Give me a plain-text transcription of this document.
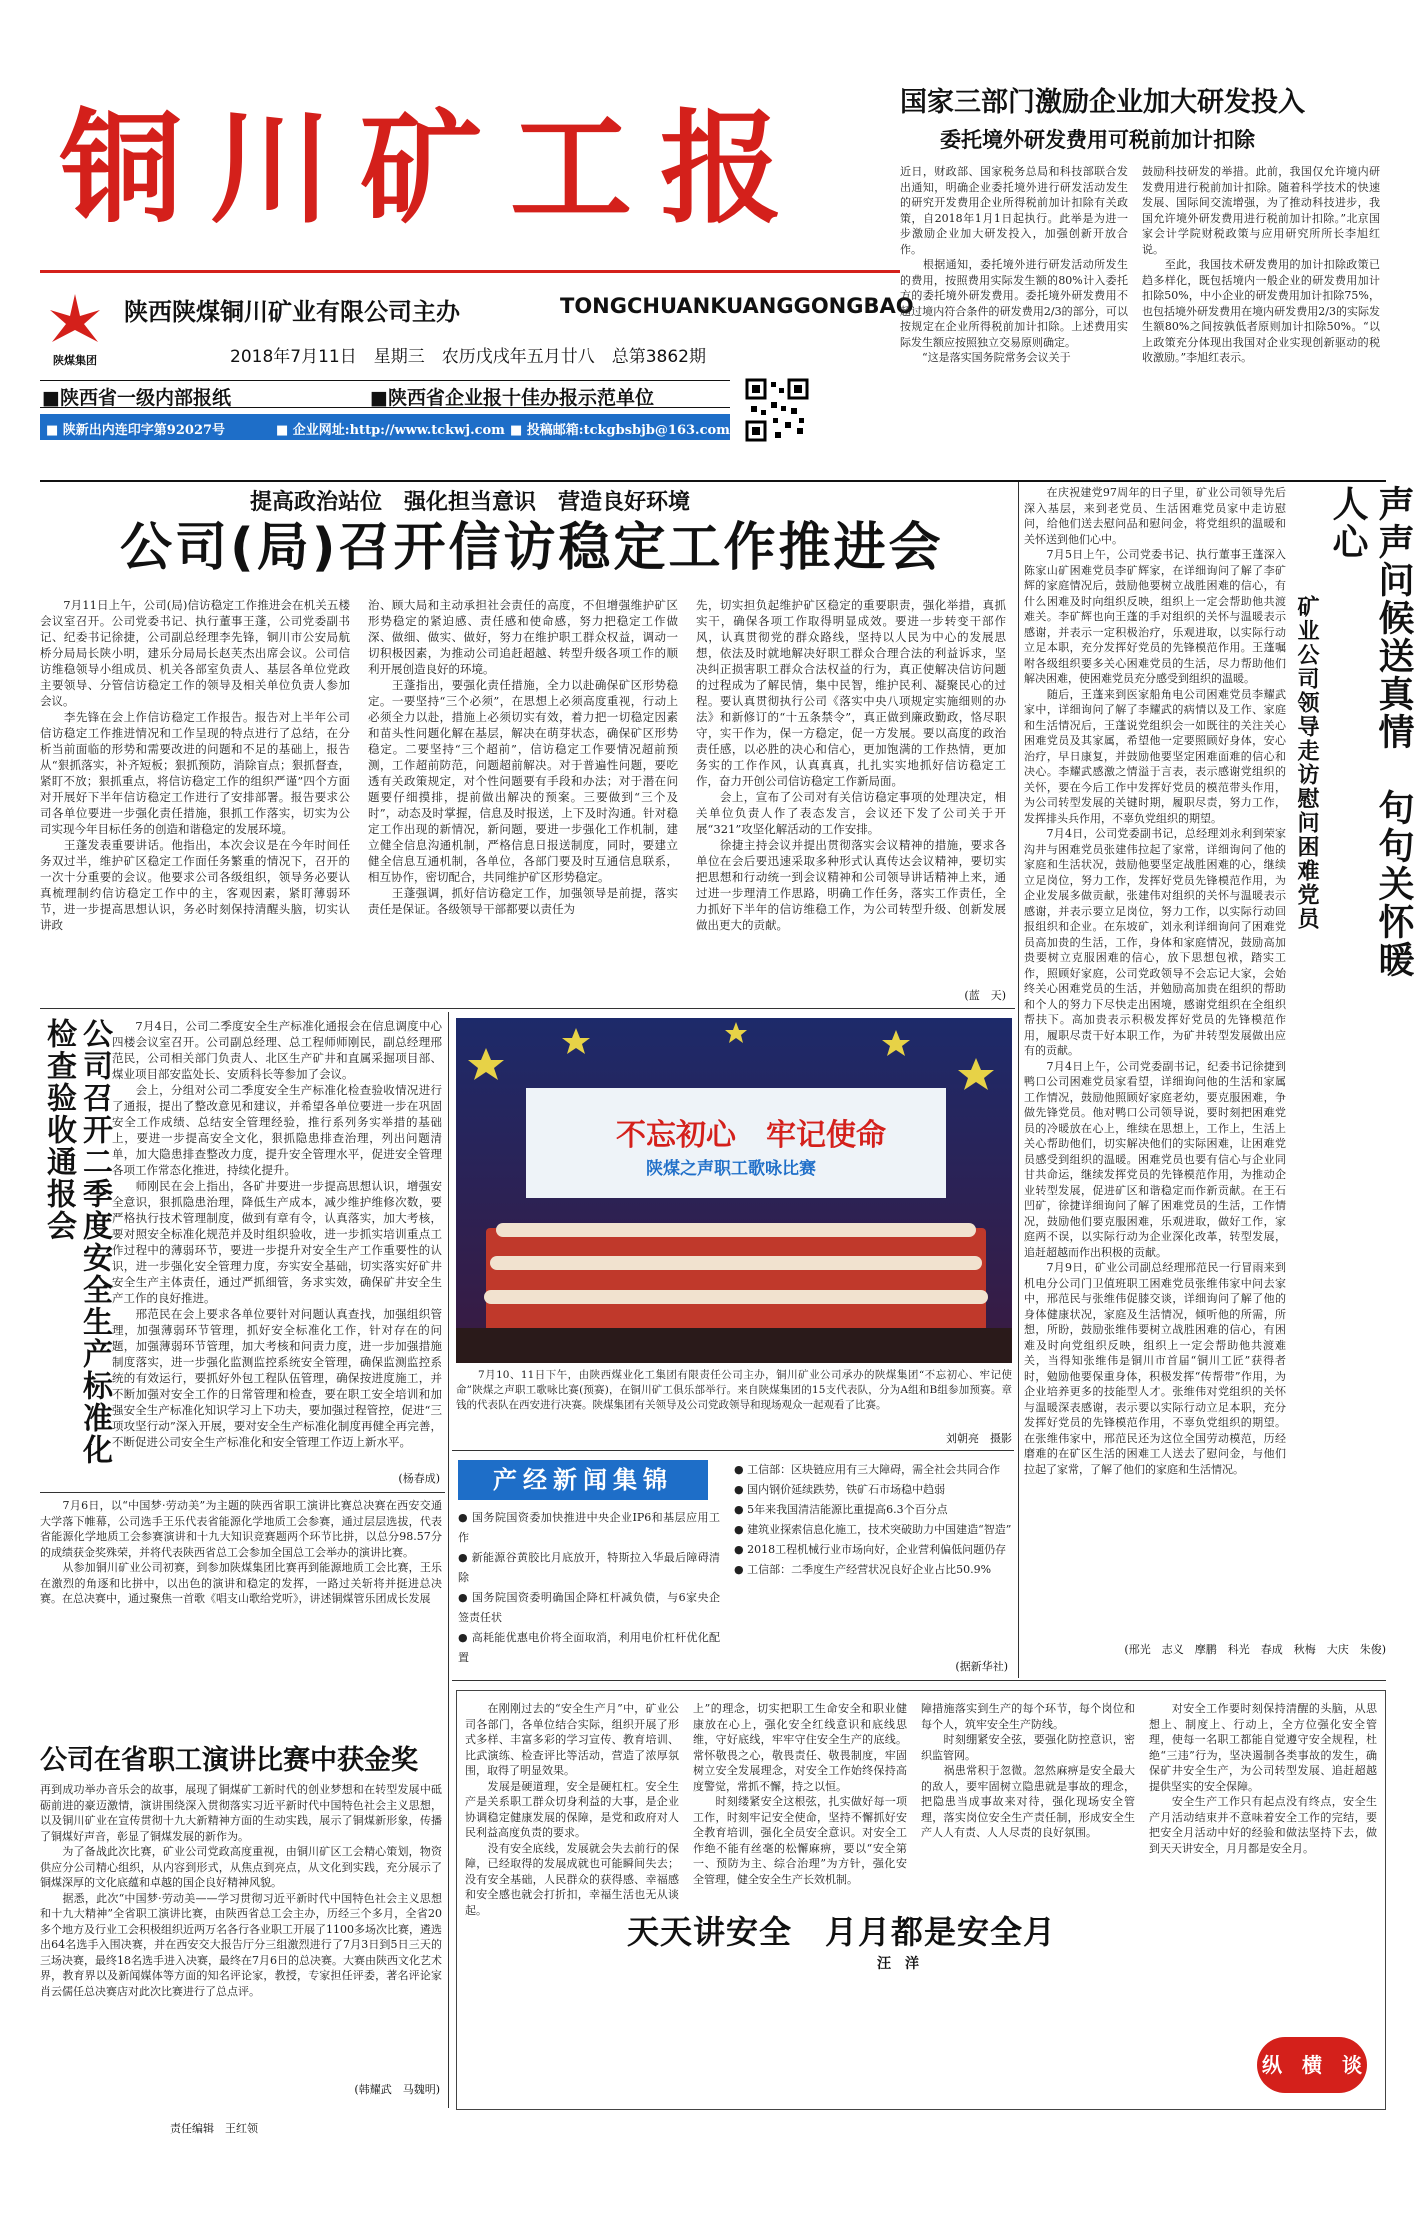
铜川矿工报
陕煤集团
陕西陕煤铜川矿业有限公司主办	TONGCHUANKUANGGONGBAO
2018年7月11日　星期三　农历戊戌年五月廿八　总第3862期
■陕西省一级内部报纸	■陕西省企业报十佳办报示范单位
■ 陕新出内连印字第92027号	■ 企业网址:http://www.tckwj.com ■ 投稿邮箱:tckgbsbjb@163.com
国家三部门激励企业加大研发投入
委托境外研发费用可税前加计扣除
近日，财政部、国家税务总局和科技部联合发出通知，明确企业委托境外进行研发活动发生的研究开发费用企业所得税前加计扣除有关政策，自2018年1月1日起执行。此举是为进一步激励企业加大研发投入，加强创新开放合作。
　　根据通知，委托境外进行研发活动所发生的费用，按照费用实际发生额的80%计入委托方的委托境外研发费用。委托境外研发费用不超过境内符合条件的研发费用2/3的部分，可以按规定在企业所得税前加计扣除。上述费用实际发生额应按照独立交易原则确定。
　　“这是落实国务院常务会议关于
鼓励科技研发的举措。此前，我国仅允许境内研发费用进行税前加计扣除。随着科学技术的快速发展、国际间交流增强，为了推动科技进步，我国允许境外研发费用进行税前加计扣除。”北京国家会计学院财税政策与应用研究所所长李旭红说。
　　至此，我国技术研发费用的加计扣除政策已趋多样化，既包括境内一般企业的研发费用加计扣除50%，中小企业的研发费用加计扣除75%，也包括境外研发费用在境内研发费用2/3的实际发生额80%之间按孰低者原则加计扣除50%。“以上政策充分体现出我国对企业实现创新驱动的税收激励。”李旭红表示。
提高政治站位　强化担当意识　营造良好环境
公司(局)召开信访稳定工作推进会
　　7月11日上午，公司(局)信访稳定工作推进会在机关五楼会议室召开。公司党委书记、执行董事王蓬，公司党委副书记、纪委书记徐捷，公司副总经理李先锋，铜川市公安局航桥分局局长陕小明，建乐分局局长赵芙杰出席会议。公司信访维稳领导小组成员、机关各部室负责人、基层各单位党政主要领导、分管信访稳定工作的领导及相关单位负责人参加会议。
　　李先锋在会上作信访稳定工作报告。报告对上半年公司信访稳定工作推进情况和工作呈现的特点进行了总结，在分析当前面临的形势和需要改进的问题和不足的基础上，报告从“狠抓落实，补齐短板；狠抓预防，消除盲点；狠抓督查，紧盯不放；狠抓重点，将信访稳定工作的组织严谨”四个方面对开展好下半年信访稳定工作进行了安排部署。报告要求公司各单位要进一步强化责任措施，狠抓工作落实，切实为公司实现今年目标任务的创造和谐稳定的发展环境。
　　王蓬发表重要讲话。他指出，本次会议是在今年时间任务双过半，维护矿区稳定工作面任务繁重的情况下，召开的一次十分重要的会议。他要求公司各级组织，领导务必要认真梳理制约信访稳定工作中的主，客观因素，紧盯薄弱环节，进一步提高思想认识，务必时刻保持清醒头脑，切实认讲政
治、顾大局和主动承担社会责任的高度，不但增强维护矿区形势稳定的紧迫感、责任感和使命感，努力把稳定工作做深、做细、做实、做好，努力在维护职工群众权益，调动一切积极因素，为推动公司追赶超越、转型升级各项工作的顺利开展创造良好的环境。
　　王蓬指出，要强化责任措施，全力以赴确保矿区形势稳定。一要坚持“三个必须”，在思想上必须高度重视，行动上必须全力以赴，措施上必须切实有效，着力把一切稳定因素和苗头性问题化解在基层，解决在萌芽状态，确保矿区形势稳定。二要坚持“三个超前”，信访稳定工作要情况超前预测，工作超前防范，问题超前解决。对于普遍性问题，要吃透有关政策规定，对个性问题要有手段和办法；对于潜在问题要仔细摸排，提前做出解决的预案。三要做到“三个及时”，动态及时掌握，信息及时报送，上下及时沟通。针对稳定工作出现的新情况，新问题，要进一步强化工作机制，建立健全信息沟通机制，严格信息日报送制度，同时，要建立健全信息互通机制，各单位，各部门要及时互通信息联系，相互协作，密切配合，共同维护矿区形势稳定。
　　王蓬强调，抓好信访稳定工作，加强领导是前提，落实责任是保证。各级领导干部都要以责任为
先，切实担负起维护矿区稳定的重要职责，强化举措，真抓实干，确保各项工作取得明显成效。要进一步转变干部作风，认真贯彻党的群众路线，坚持以人民为中心的发展思想，依法及时就地解决好职工群众合理合法的利益诉求，坚决纠正损害职工群众合法权益的行为，真正使解决信访问题的过程成为了解民情，集中民智，维护民利、凝聚民心的过程。要认真贯彻执行公司《落实中央八项规定实施细则的办法》和新修订的“十五条禁令”，真正做到廉政勤政，恪尽职守，实干作为，保一方稳定，促一方发展。要以高度的政治责任感，以必胜的决心和信心，更加饱满的工作热情，更加务实的工作作风，认真真真，扎扎实实地抓好信访稳定工作，奋力开创公司信访稳定工作新局面。
　　会上，宣布了公司对有关信访稳定事项的处理决定，相关单位负责人作了表态发言，会议还下发了公司关于开展“321”攻坚化解活动的工作安排。
　　徐捷主持会议并提出贯彻落实会议精神的措施，要求各单位在会后要迅速采取多种形式认真传达会议精神，要切实把思想和行动统一到会议精神和公司领导讲话精神上来，通过进一步理清工作思路，明确工作任务，落实工作责任，全力抓好下半年的信访维稳工作，为公司转型升级、创新发展做出更大的贡献。
(蓝　天)
公司召开二季度安全生产标准化检查验收通报会	　　7月4日，公司二季度安全生产标准化通报会在信息调度中心四楼会议室召开。公司副总经理、总工程师师刚民，副总经理邢范民，公司相关部门负责人、北区生产矿井和直属采掘项目部、煤业项目部安监处长、安质科长等参加了会议。
　　会上，分组对公司二季度安全生产标准化检查验收情况进行了通报，提出了整改意见和建议，并希望各单位要进一步在巩固安全工作成绩、总结安全管理经验，推行系列务实举措的基础上，要进一步提高安全文化，狠抓隐患排查治理，列出问题清单，加大隐患排查整改力度，提升安全管理水平，促进安全管理各项工作常态化推进，持续化提升。
　　师刚民在会上指出，各矿井要进一步提高思想认识，增强安全意识，狠抓隐患治理，降低生产成本，减少维护维修次数，要严格执行技术管理制度，做到有章有令，认真落实，加大考核，要对照安全标准化规范并及时组织验收，进一步抓实培训重点工作过程中的薄弱环节，要进一步提升对安全生产工作重要性的认识，进一步强化安全管理力度，夯实安全基础，切实落实好矿井安全生产主体责任，通过严抓细管，务求实效，确保矿井安全生产工作的良好推进。
　　邢范民在会上要求各单位要针对问题认真查找，加强组织管理，加强薄弱环节管理，抓好安全标准化工作，针对存在的问题，加强薄弱环节管理，加大考核和问责力度，进一步加强措施制度落实，进一步强化监测监控系统安全管理，确保监测监控系统的有效运行，要抓好外包工程队伍管理，确保按进度施工，并不断加强对安全工作的日常管理和检查，要在职工安全培训和加强安全生产标准化知识学习上下功夫，要加强过程管控，促进“三项攻坚行动”深入开展，要对安全生产标准化制度再健全再完善，不断促进公司安全生产标准化和安全管理工作迈上新水平。
(杨春成)
　　7月6日，以“中国梦·劳动美”为主题的陕西省职工演讲比赛总决赛在西安交通大学落下帷幕，公司选手王乐代表省能源化学地质工会参赛，通过层层选拔，代表省能源化学地质工会参赛演讲和十九大知识竞赛题两个环节比拼，以总分98.57分的成绩获金奖殊荣，并将代表陕西省总工会参加全国总工会举办的演讲比赛。
　　从参加铜川矿业公司初赛，到参加陕煤集团比赛再到能源地质工会比赛，王乐在激烈的角逐和比拼中，以出色的演讲和稳定的发挥，一路过关斩将并挺进总决赛。在总决赛中，通过聚焦一首歌《唱支山歌给党听》，讲述铜煤管乐团成长发展
公司在省职工演讲比赛中获金奖
再到成功举办音乐会的故事，展现了铜煤矿工新时代的创业梦想和在转型发展中砥砺前进的豪迈激情，演讲围绕深入贯彻落实习近平新时代中国特色社会主义思想，以及铜川矿业在宣传贯彻十九大新精神方面的生动实践，展示了铜煤新形象，传播了铜煤好声音，彰显了铜煤发展的新作为。
　　为了备战此次比赛，矿业公司党政高度重视，由铜川矿区工会精心策划，物资供应分公司精心组织，从内容到形式，从焦点到亮点，从文化到实践，充分展示了铜煤深厚的文化底蕴和卓越的国企良好精神风貌。
　　据悉，此次“中国梦·劳动美——学习贯彻习近平新时代中国特色社会主义思想和十九大精神”全省职工演讲比赛，由陕西省总工会主办，历经三个多月，全省20多个地方及行业工会积极组织近两万名各行各业职工开展了1100多场次比赛，遴选出64名选手入围决赛，并在西安交大报告厅分三组激烈进行了7月3日到5日三天的三场决赛，最终18名选手进入决赛，最终在7月6日的总决赛。大赛由陕西文化艺术界，教育界以及新闻媒体等方面的知名评论家，教授，专家担任评委，著名评论家肖云儒任总决赛店对此次比赛进行了总点评。
(韩耀武　马魏明)
不忘初心　牢记使命
陕煤之声职工歌咏比赛
　　7月10、11日下午，由陕西煤业化工集团有限责任公司主办，铜川矿业公司承办的陕煤集团“不忘初心、牢记使命”陕煤之声职工歌咏比赛(预赛)，在铜川矿工俱乐部举行。来自陕煤集团的15支代表队，分为A组和B组参加预赛。章钱的代表队在西安进行决赛。陕煤集团有关领导及公司党政领导和现场观众一起观看了比赛。
刘朝亮　摄影
产经新闻集锦
● 国务院国资委加快推进中央企业IP6和基层应用工作
● 新能源谷黄胶比月底放开，特斯拉入华最后障碍清除
● 国务院国资委明确国企降杠杆减负债，与6家央企签责任状
● 高耗能优惠电价将全面取消，利用电价杠杆优化配置
● 工信部：区块链应用有三大障碍，需全社会共同合作
● 国内钢价延续跌势，铁矿石市场稳中趋弱
● 5年来我国清洁能源比重提高6.3个百分点
● 建筑业探索信息化施工，技术突破助力中国建造“智造”
● 2018工程机械行业市场向好，企业营利偏低问题仍存
● 工信部：二季度生产经营状况良好企业占比50.9%
(据新华社)
　　在庆祝建党97周年的日子里，矿业公司领导先后深入基层，来到老党员、生活困难党员家中走访慰问，给他们送去慰问品和慰问金，将党组织的温暖和关怀送到他们心中。
　　7月5日上午，公司党委书记、执行董事王蓬深入陈家山矿困难党员李矿辉家，在详细询问了解了李矿辉的家庭情况后，鼓励他要树立战胜困难的信心，有什么困难及时向组织反映，组织上一定会帮助他共渡难关。李矿辉也向王蓬的手对组织的关怀与温暖表示感谢，并表示一定积极治疗，乐观进取，以实际行动立足本职，充分发挥好党员的先锋模范作用。王蓬嘱咐各级组织要多关心困难党员的生活，尽力帮助他们解决困难，使困难党员充分感受到组织的温暖。
　　随后，王蓬来到医家船角电公司困难党员李耀武家中，详细询问了解了李耀武的病情以及工作、家庭和生活情况后，王蓬说党组织会一如既往的关注关心困难党员及其家属，希望他一定要照顾好身体，安心治疗，早日康复，并鼓励他要坚定困难面难的信心和决心。李耀武感激之情溢于言表，表示感谢党组织的关怀，要在今后工作中发挥好党员的模范带头作用，为公司转型发展的关键时期，履职尽责，努力工作，发挥排头兵作用，不辜负党组织的期望。
　　7月4日，公司党委副书记，总经理刘永利到荣家沟井与困难党员张建伟拉起了家常，详细询问了他的家庭和生活状况，鼓励他要坚定战胜困难的心，继续立足岗位，努力工作，发挥好党员先锋模范作用，为企业发展多做贡献，张建伟对组织的关怀与温暖表示感谢，并表示要立足岗位，努力工作，以实际行动回报组织和企业。在东坡矿，刘永利详细询问了困难党员高加贵的生活，工作，身体和家庭情况，鼓励高加贵要树立克服困难的信心，放下思想包袱，踏实工作，照顾好家庭，公司党政领导不会忘记大家，会始终关心困难党员的生活，并勉励高加贵在组织的帮助和个人的努力下尽快走出困境，感谢党组织在全组织帮扶下。高加贵表示积极发挥好党员的先锋模范作用，履职尽责干好本职工作，为矿井转型发展做出应有的贡献。
　　7月4日上午，公司党委副书记，纪委书记徐捷到鸭口公司困难党员家看望，详细询问他的生活和家属工作情况，鼓励他照顾好家庭老幼，要克服困难，争做先锋党员。他对鸭口公司领导说，要时刻把困难党员的冷暖放在心上，维续在思想上，工作上，生活上关心帮助他们，切实解决他们的实际困难，让困难党员感受到组织的温暖。困难党员也要有信心与企业同甘共命运，继续发挥党员的先锋模范作用，为推动企业转型发展，促进矿区和谐稳定而作新贡献。在王石凹矿，徐捷详细询问了解了困难党员的生活，工作情况，鼓励他们要克服困难，乐观进取，做好工作，家庭两不误，以实际行动为企业深化改革，转型发展，追赶超越而作出积极的贡献。
　　7月9日，矿业公司副总经理邢范民一行冒雨来到机电分公司门卫值班职工困难党员张维伟家中问去家中，邢范民与张维伟促膝交谈，详细询问了解了他的身体健康状况，家庭及生活情况，倾听他的所需，所想，所盼，鼓励张维伟要树立战胜困难的信心，有困难及时向党组织反映，组织上一定会帮助他共渡难关，当得知张维伟是铜川市首届“铜川工匠”获得者时，勉励他要保重身体，积极发挥“传帮带”作用，为企业培养更多的技能型人才。张维伟对党组织的关怀与温暖深表感谢，表示要以实际行动立足本职，充分发挥好党员的先锋模范作用，不辜负党组织的期望。在张维伟家中，邢范民还为这位全国劳动模范，历经磨难的在矿区生活的困难工人送去了慰问金，与他们拉起了家常，了解了他们的家庭和生活情况。
声声问候送真情　句句关怀暖人心
矿业公司领导走访慰问困难党员
(邢光　志义　摩鹏　科光　春成　秋梅　大庆　朱俊)
　　在刚刚过去的“安全生产月”中，矿业公司各部门，各单位结合实际，组织开展了形式多样、丰富多彩的学习宣传、教育培训、比武演练、检查评比等活动，营造了浓厚氛围，取得了明显效果。
　　发展是硬道理，安全是硬杠杠。安全生产是关系职工群众切身利益的大事，是企业协调稳定健康发展的保障，是党和政府对人民利益高度负责的要求。
　　没有安全底线，发展就会失去前行的保障，已经取得的发展成就也可能瞬间失去；没有安全基础，人民群众的获得感、幸福感和安全感也就会打折扣，幸福生活也无从谈起。
上”的理念，切实把职工生命安全和职业健康放在心上，强化安全红线意识和底线思维，守好底线，牢牢守住安全生产的底线。常怀敬畏之心，敬畏责任、敬畏制度，牢固树立安全发展理念，对安全工作始终保持高度警觉，常抓不懈，持之以恒。
　　时刻缕紧安全这根弦，扎实做好每一项工作，时刻牢记安全使命，坚持不懈抓好安全教育培训，强化全员安全意识。对安全工作绝不能有丝毫的松懈麻痹，要以“安全第一、预防为主、综合治理”为方针，强化安全管理，健全安全生产长效机制。
天天讲安全　月月都是安全月
汪　洋
障措施落实到生产的每个环节，每个岗位和每个人，筑牢安全生产防线。
　　时刻绷紧安全弦，要强化防控意识，密织监管网。
　　祸患常积于忽微。忽然麻痹是安全最大的敌人，要牢固树立隐患就是事故的理念，把隐患当成事故来对待，强化现场安全管理，落实岗位安全生产责任制，形成安全生产人人有责、人人尽责的良好氛围。
　　对安全工作要时刻保持清醒的头脑，从思想上、制度上、行动上，全方位强化安全管理，使每一名职工都能自觉遵守安全规程，杜绝“三违”行为，坚决遏制各类事故的发生，确保矿井安全生产，为公司转型发展、追赶超越提供坚实的安全保障。
　　安全生产工作只有起点没有终点，安全生产月活动结束并不意味着安全工作的完结，要把安全月活动中好的经验和做法坚持下去，做到天天讲安全，月月都是安全月。
纵　横　谈
责任编辑　王红领
